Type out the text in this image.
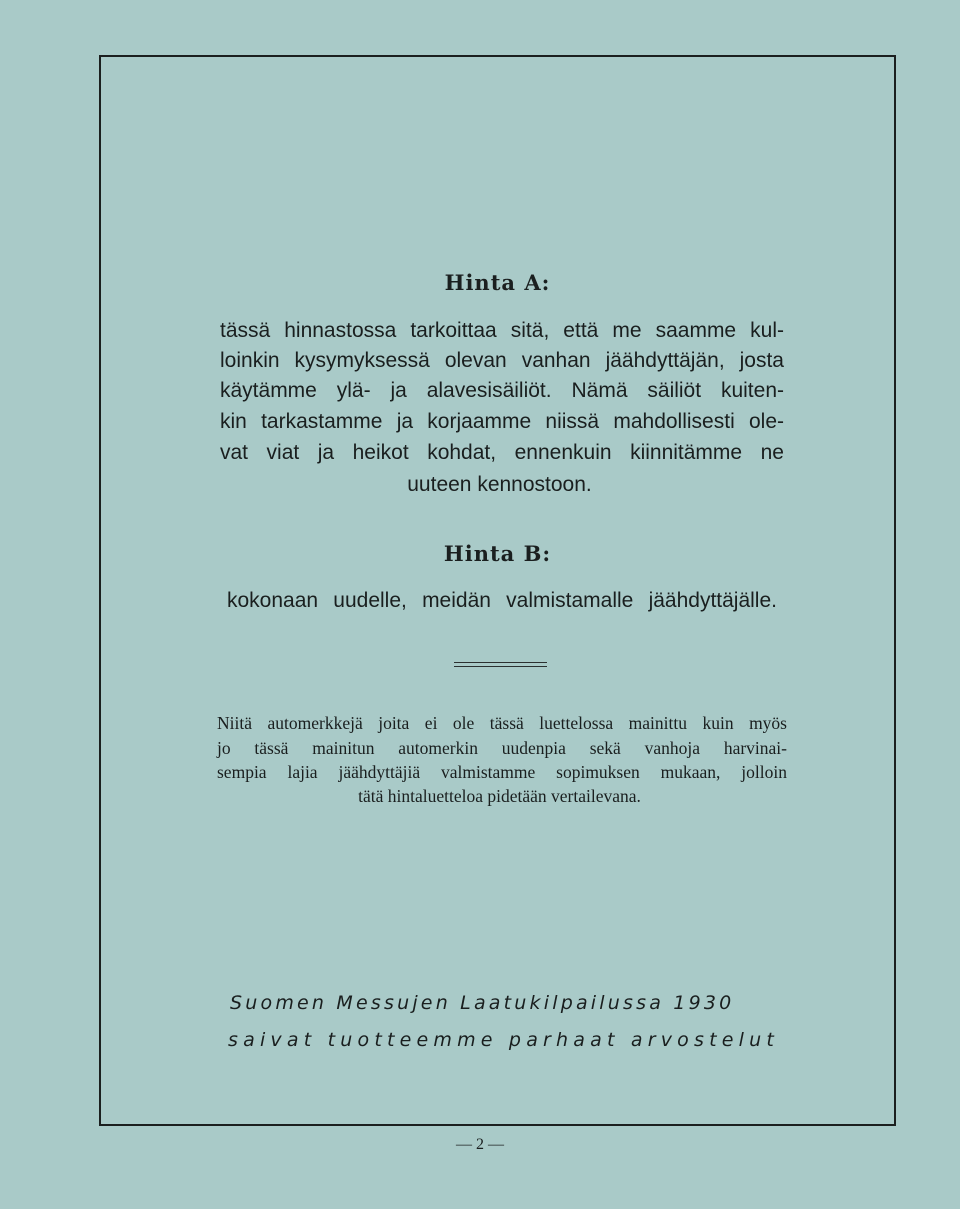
Hinta A:
tässä hinnastossa tarkoittaa sitä, että me saamme kul-
loinkin kysymyksessä olevan vanhan jäähdyttäjän, josta
käytämme ylä- ja alavesisäiliöt. Nämä säiliöt kuiten-
kin tarkastamme ja korjaamme niissä mahdollisesti ole-
vat viat ja heikot kohdat, ennenkuin kiinnitämme ne
uuteen kennostoon.
Hinta B:
kokonaan uudelle, meidän valmistamalle jäähdyttäjälle.
Niitä automerkkejä joita ei ole tässä luettelossa mainittu kuin myös
jo tässä mainitun automerkin uudenpia sekä vanhoja harvinai-
sempia lajia jäähdyttäjiä valmistamme sopimuksen mukaan, jolloin
tätä hintaluetteloa pidetään vertailevana.
Suomen Messujen Laatukilpailussa 1930
saivat tuotteemme parhaat arvostelut
— 2 —
